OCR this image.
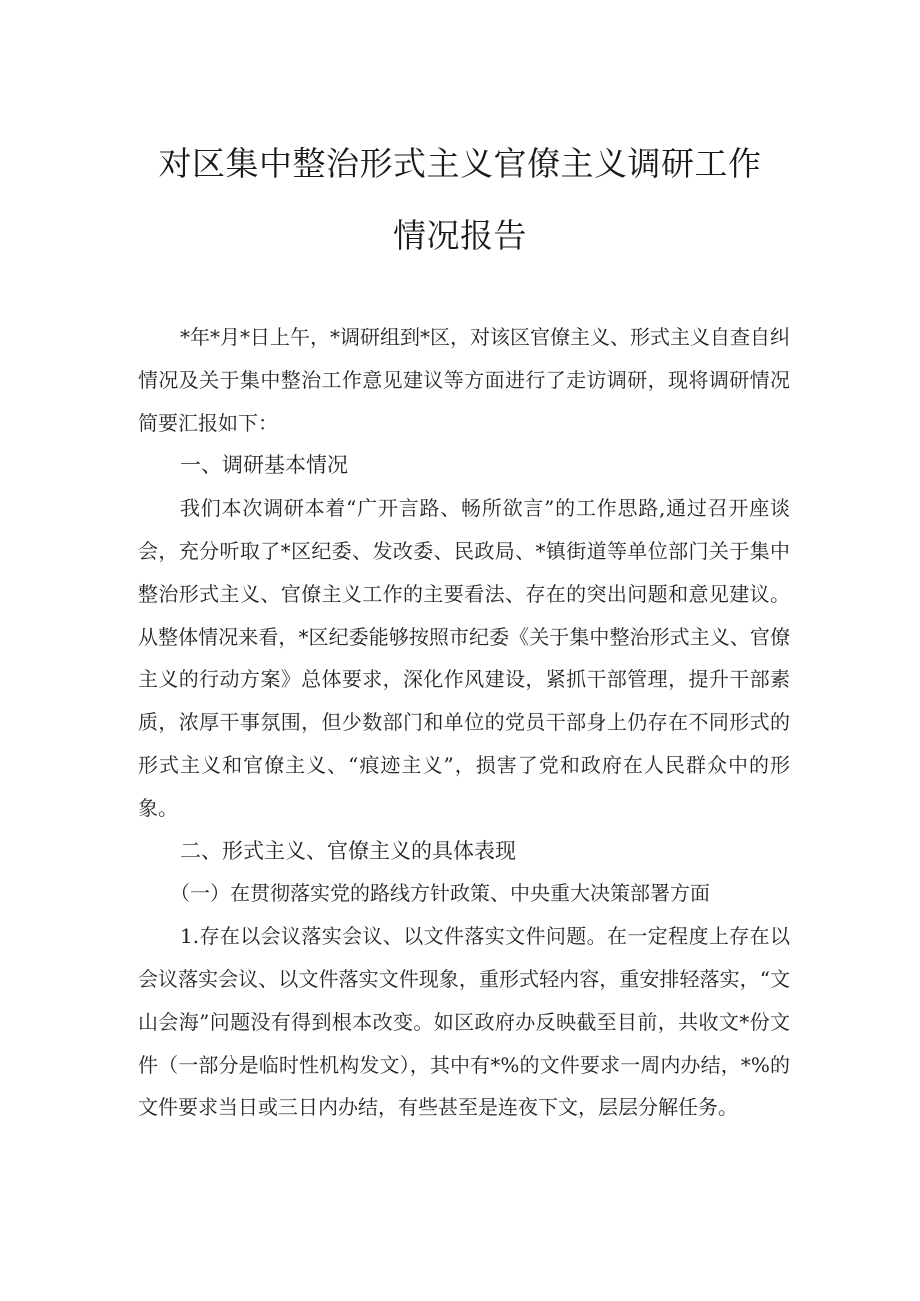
对区集中整治形式主义官僚主义调研工作
情况报告

*年*月*日上午，*调研组到*区，对该区官僚主义、形式主义自查自纠情况及关于集中整治工作意见建议等方面进行了走访调研，现将调研情况简要汇报如下：

一、调研基本情况

我们本次调研本着“广开言路、畅所欲言”的工作思路,通过召开座谈会，充分听取了*区纪委、发改委、民政局、*镇街道等单位部门关于集中整治形式主义、官僚主义工作的主要看法、存在的突出问题和意见建议。从整体情况来看，*区纪委能够按照市纪委《关于集中整治形式主义、官僚主义的行动方案》总体要求，深化作风建设，紧抓干部管理，提升干部素质，浓厚干事氛围，但少数部门和单位的党员干部身上仍存在不同形式的形式主义和官僚主义、“痕迹主义”，损害了党和政府在人民群众中的形象。

二、形式主义、官僚主义的具体表现

（一）在贯彻落实党的路线方针政策、中央重大决策部署方面

1.存在以会议落实会议、以文件落实文件问题。在一定程度上存在以会议落实会议、以文件落实文件现象，重形式轻内容，重安排轻落实，“文山会海”问题没有得到根本改变。如区政府办反映截至目前，共收文*份文件（一部分是临时性机构发文），其中有*%的文件要求一周内办结，*%的文件要求当日或三日内办结，有些甚至是连夜下文，层层分解任务。
